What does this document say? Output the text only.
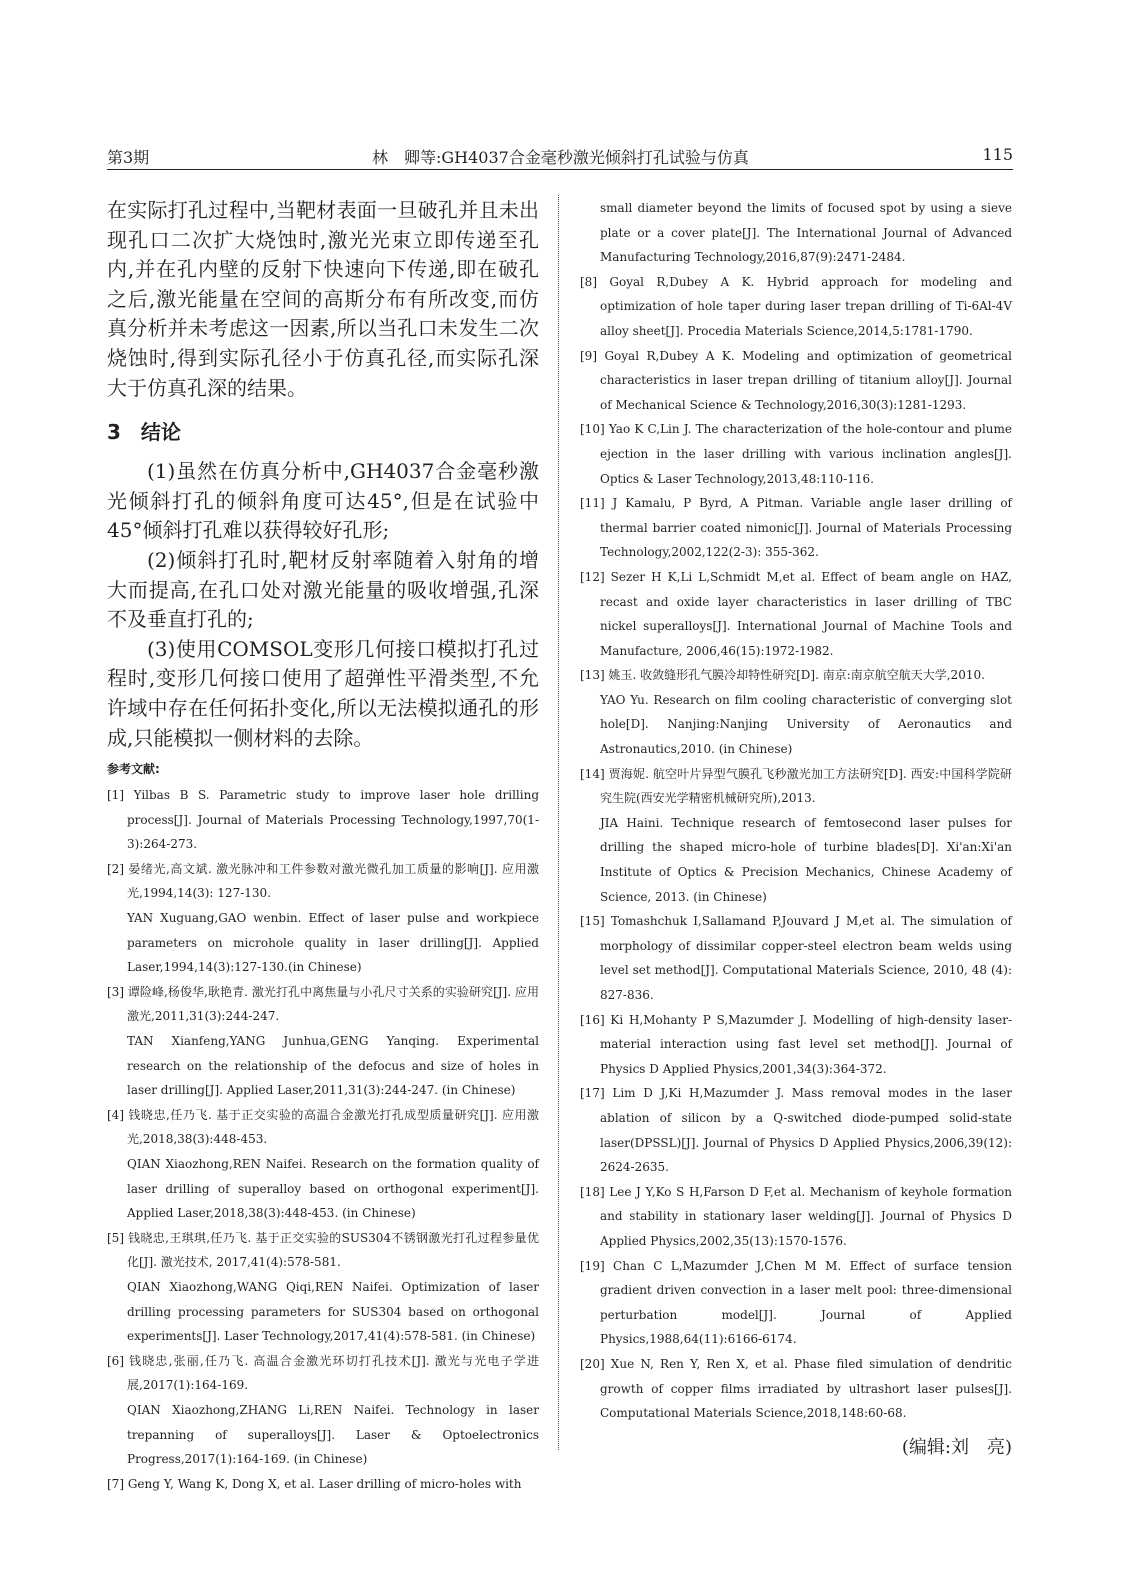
第3期	林　卿等:GH4037合金毫秒激光倾斜打孔试验与仿真	115

在实际打孔过程中,当靶材表面一旦破孔并且未出现孔口二次扩大烧蚀时,激光光束立即传递至孔内,并在孔内壁的反射下快速向下传递,即在破孔之后,激光能量在空间的高斯分布有所改变,而仿真分析并未考虑这一因素,所以当孔口未发生二次烧蚀时,得到实际孔径小于仿真孔径,而实际孔深大于仿真孔深的结果。

3　结论

(1)虽然在仿真分析中,GH4037合金毫秒激光倾斜打孔的倾斜角度可达45°,但是在试验中45°倾斜打孔难以获得较好孔形;

(2)倾斜打孔时,靶材反射率随着入射角的增大而提高,在孔口处对激光能量的吸收增强,孔深不及垂直打孔的;

(3)使用COMSOL变形几何接口模拟打孔过程时,变形几何接口使用了超弹性平滑类型,不允许域中存在任何拓扑变化,所以无法模拟通孔的形成,只能模拟一侧材料的去除。

参考文献:

[1] Yilbas B S. Parametric study to improve laser hole drilling process[J]. Journal of Materials Processing Technology,1997,70(1-3):264-273.

[2] 晏绪光,高文斌. 激光脉冲和工件参数对激光微孔加工质量的影响[J]. 应用激光,1994,14(3): 127-130.
YAN Xuguang,GAO wenbin. Effect of laser pulse and workpiece parameters on microhole quality in laser drilling[J]. Applied Laser,1994,14(3):127-130.(in Chinese)

[3] 谭险峰,杨俊华,耿艳青. 激光打孔中离焦量与小孔尺寸关系的实验研究[J]. 应用激光,2011,31(3):244-247.
TAN Xianfeng,YANG Junhua,GENG Yanqing. Experimental research on the relationship of the defocus and size of holes in laser drilling[J]. Applied Laser,2011,31(3):244-247. (in Chinese)

[4] 钱晓忠,任乃飞. 基于正交实验的高温合金激光打孔成型质量研究[J]. 应用激光,2018,38(3):448-453.
QIAN Xiaozhong,REN Naifei. Research on the formation quality of laser drilling of superalloy based on orthogonal experiment[J]. Applied Laser,2018,38(3):448-453. (in Chinese)

[5] 钱晓忠,王琪琪,任乃飞. 基于正交实验的SUS304不锈钢激光打孔过程参量优化[J]. 激光技术, 2017,41(4):578-581.
QIAN Xiaozhong,WANG Qiqi,REN Naifei. Optimization of laser drilling processing parameters for SUS304 based on orthogonal experiments[J]. Laser Technology,2017,41(4):578-581. (in Chinese)

[6] 钱晓忠,张丽,任乃飞. 高温合金激光环切打孔技术[J]. 激光与光电子学进展,2017(1):164-169.
QIAN Xiaozhong,ZHANG Li,REN Naifei. Technology in laser trepanning of superalloys[J]. Laser & Optoelectronics Progress,2017(1):164-169. (in Chinese)

[7] Geng Y, Wang K, Dong X, et al. Laser drilling of micro-holes with

small diameter beyond the limits of focused spot by using a sieve plate or a cover plate[J]. The International Journal of Advanced Manufacturing Technology,2016,87(9):2471-2484.

[8] Goyal R,Dubey A K. Hybrid approach for modeling and optimization of hole taper during laser trepan drilling of Ti-6Al-4V alloy sheet[J]. Procedia Materials Science,2014,5:1781-1790.

[9] Goyal R,Dubey A K. Modeling and optimization of geometrical characteristics in laser trepan drilling of titanium alloy[J]. Journal of Mechanical Science & Technology,2016,30(3):1281-1293.

[10] Yao K C,Lin J. The characterization of the hole-contour and plume ejection in the laser drilling with various inclination angles[J]. Optics & Laser Technology,2013,48:110-116.

[11] J Kamalu, P Byrd, A Pitman. Variable angle laser drilling of thermal barrier coated nimonic[J]. Journal of Materials Processing Technology,2002,122(2-3): 355-362.

[12] Sezer H K,Li L,Schmidt M,et al. Effect of beam angle on HAZ, recast and oxide layer characteristics in laser drilling of TBC nickel superalloys[J]. International Journal of Machine Tools and Manufacture, 2006,46(15):1972-1982.

[13] 姚玉. 收敛缝形孔气膜冷却特性研究[D]. 南京:南京航空航天大学,2010.
YAO Yu. Research on film cooling characteristic of converging slot hole[D]. Nanjing:Nanjing University of Aeronautics and Astronautics,2010. (in Chinese)

[14] 贾海妮. 航空叶片异型气膜孔飞秒激光加工方法研究[D]. 西安:中国科学院研究生院(西安光学精密机械研究所),2013.
JIA Haini. Technique research of femtosecond laser pulses for drilling the shaped micro-hole of turbine blades[D]. Xi'an:Xi'an Institute of Optics & Precision Mechanics, Chinese Academy of Science, 2013. (in Chinese)

[15] Tomashchuk I,Sallamand P,Jouvard J M,et al. The simulation of morphology of dissimilar copper-steel electron beam welds using level set method[J]. Computational Materials Science, 2010, 48 (4): 827-836.

[16] Ki H,Mohanty P S,Mazumder J. Modelling of high-density laser-material interaction using fast level set method[J]. Journal of Physics D Applied Physics,2001,34(3):364-372.

[17] Lim D J,Ki H,Mazumder J. Mass removal modes in the laser ablation of silicon by a Q-switched diode-pumped solid-state laser(DPSSL)[J]. Journal of Physics D Applied Physics,2006,39(12): 2624-2635.

[18] Lee J Y,Ko S H,Farson D F,et al. Mechanism of keyhole formation and stability in stationary laser welding[J]. Journal of Physics D Applied Physics,2002,35(13):1570-1576.

[19] Chan C L,Mazumder J,Chen M M. Effect of surface tension gradient driven convection in a laser melt pool: three-dimensional perturbation model[J]. Journal of Applied Physics,1988,64(11):6166-6174.

[20] Xue N, Ren Y, Ren X, et al. Phase filed simulation of dendritic growth of copper films irradiated by ultrashort laser pulses[J]. Computational Materials Science,2018,148:60-68.

(编辑:刘　亮)
